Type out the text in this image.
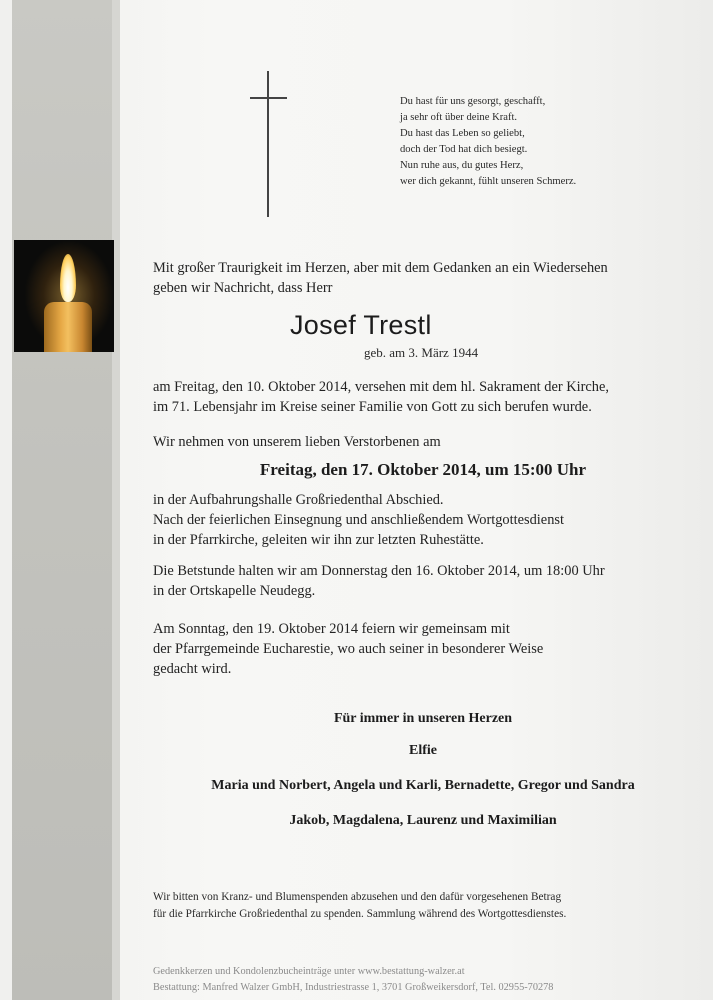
Du hast für uns gesorgt, geschafft,
ja sehr oft über deine Kraft.
Du hast das Leben so geliebt,
doch der Tod hat dich besiegt.
Nun ruhe aus, du gutes Herz,
wer dich gekannt, fühlt unseren Schmerz.
Mit großer Traurigkeit im Herzen, aber mit dem Gedanken an ein Wiedersehen
geben wir Nachricht, dass Herr
Josef Trestl
geb. am 3. März 1944
am Freitag, den 10. Oktober 2014, versehen mit dem hl. Sakrament der Kirche,
im 71. Lebensjahr im Kreise seiner Familie von Gott zu sich berufen wurde.
Wir nehmen von unserem lieben Verstorbenen am
Freitag, den 17. Oktober 2014, um 15:00 Uhr
in der Aufbahrungshalle Großriedenthal Abschied.
Nach der feierlichen Einsegnung und anschließendem Wortgottesdienst
in der Pfarrkirche, geleiten wir ihn zur letzten Ruhestätte.
Die Betstunde halten wir am Donnerstag den 16. Oktober 2014, um 18:00 Uhr
in der Ortskapelle Neudegg.
Am Sonntag, den 19. Oktober 2014 feiern wir gemeinsam mit
der Pfarrgemeinde Eucharestie, wo auch seiner in besonderer Weise
gedacht wird.
Für immer in unseren Herzen
Elfie
Maria und Norbert, Angela und Karli, Bernadette, Gregor und Sandra
Jakob, Magdalena, Laurenz und Maximilian
Wir bitten von Kranz- und Blumenspenden abzusehen und den dafür vorgesehenen Betrag
für die Pfarrkirche Großriedenthal zu spenden. Sammlung während des Wortgottesdienstes.
Gedenkkerzen und Kondolenzbucheinträge unter www.bestattung-walzer.at
Bestattung: Manfred Walzer GmbH, Industriestrasse 1, 3701 Großweikersdorf, Tel. 02955-70278
